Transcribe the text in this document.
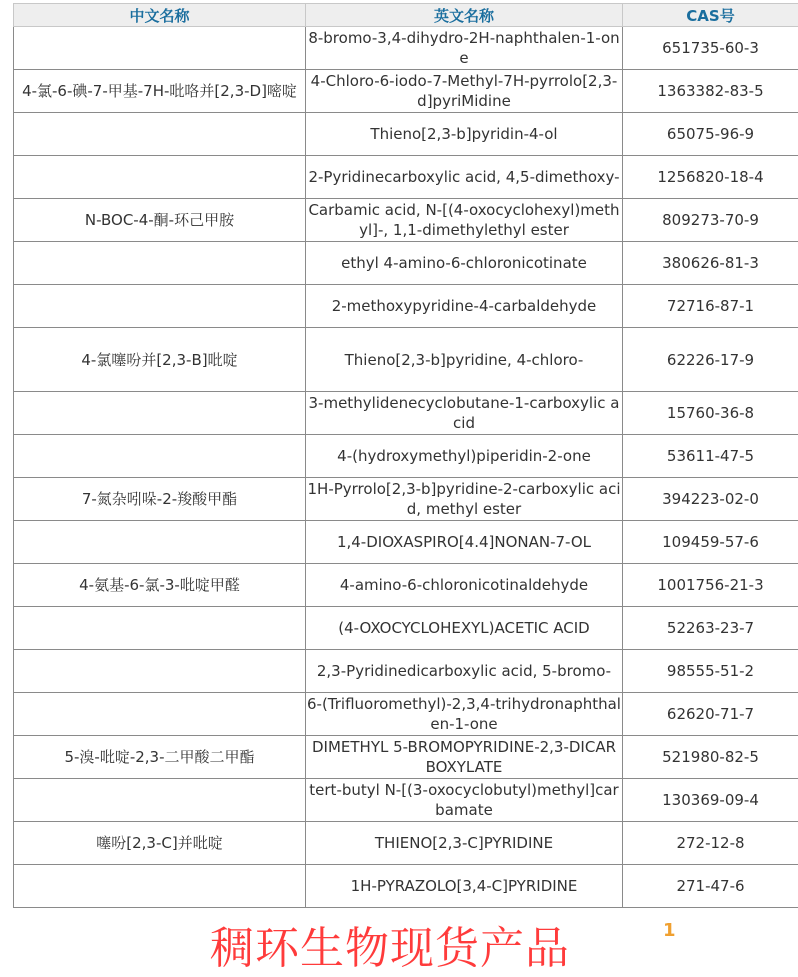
中文名称	英文名称	CAS号
	8-bromo-3,4-dihydro-2H-naphthalen-1-one	651735-60-3
4-氯-6-碘-7-甲基-7H-吡咯并[2,3-D]嘧啶	4-Chloro-6-iodo-7-Methyl-7H-pyrrolo[2,3-d]pyriMidine	1363382-83-5
	Thieno[2,3-b]pyridin-4-ol	65075-96-9
	2-Pyridinecarboxylic acid, 4,5-dimethoxy-	1256820-18-4
N-BOC-4-酮-环己甲胺	Carbamic acid, N-[(4-oxocyclohexyl)methyl]-, 1,1-dimethylethyl ester	809273-70-9
	ethyl 4-amino-6-chloronicotinate	380626-81-3
	2-methoxypyridine-4-carbaldehyde	72716-87-1
4-氯噻吩并[2,3-B]吡啶	Thieno[2,3-b]pyridine, 4-chloro-	62226-17-9
	3-methylidenecyclobutane-1-carboxylic acid	15760-36-8
	4-(hydroxymethyl)piperidin-2-one	53611-47-5
7-氮杂吲哚-2-羧酸甲酯	1H-Pyrrolo[2,3-b]pyridine-2-carboxylic acid, methyl ester	394223-02-0
	1,4-DIOXASPIRO[4.4]NONAN-7-OL	109459-57-6
4-氨基-6-氯-3-吡啶甲醛	4-amino-6-chloronicotinaldehyde	1001756-21-3
	(4-OXOCYCLOHEXYL)ACETIC ACID	52263-23-7
	2,3-Pyridinedicarboxylic acid, 5-bromo-	98555-51-2
	6-(Trifluoromethyl)-2,3,4-trihydronaphthalen-1-one	62620-71-7
5-溴-吡啶-2,3-二甲酸二甲酯	DIMETHYL 5-BROMOPYRIDINE-2,3-DICARBOXYLATE	521980-82-5
	tert-butyl N-[(3-oxocyclobutyl)methyl]carbamate	130369-09-4
噻吩[2,3-C]并吡啶	THIENO[2,3-C]PYRIDINE	272-12-8
	1H-PYRAZOLO[3,4-C]PYRIDINE	271-47-6
稠环生物现货产品	1
